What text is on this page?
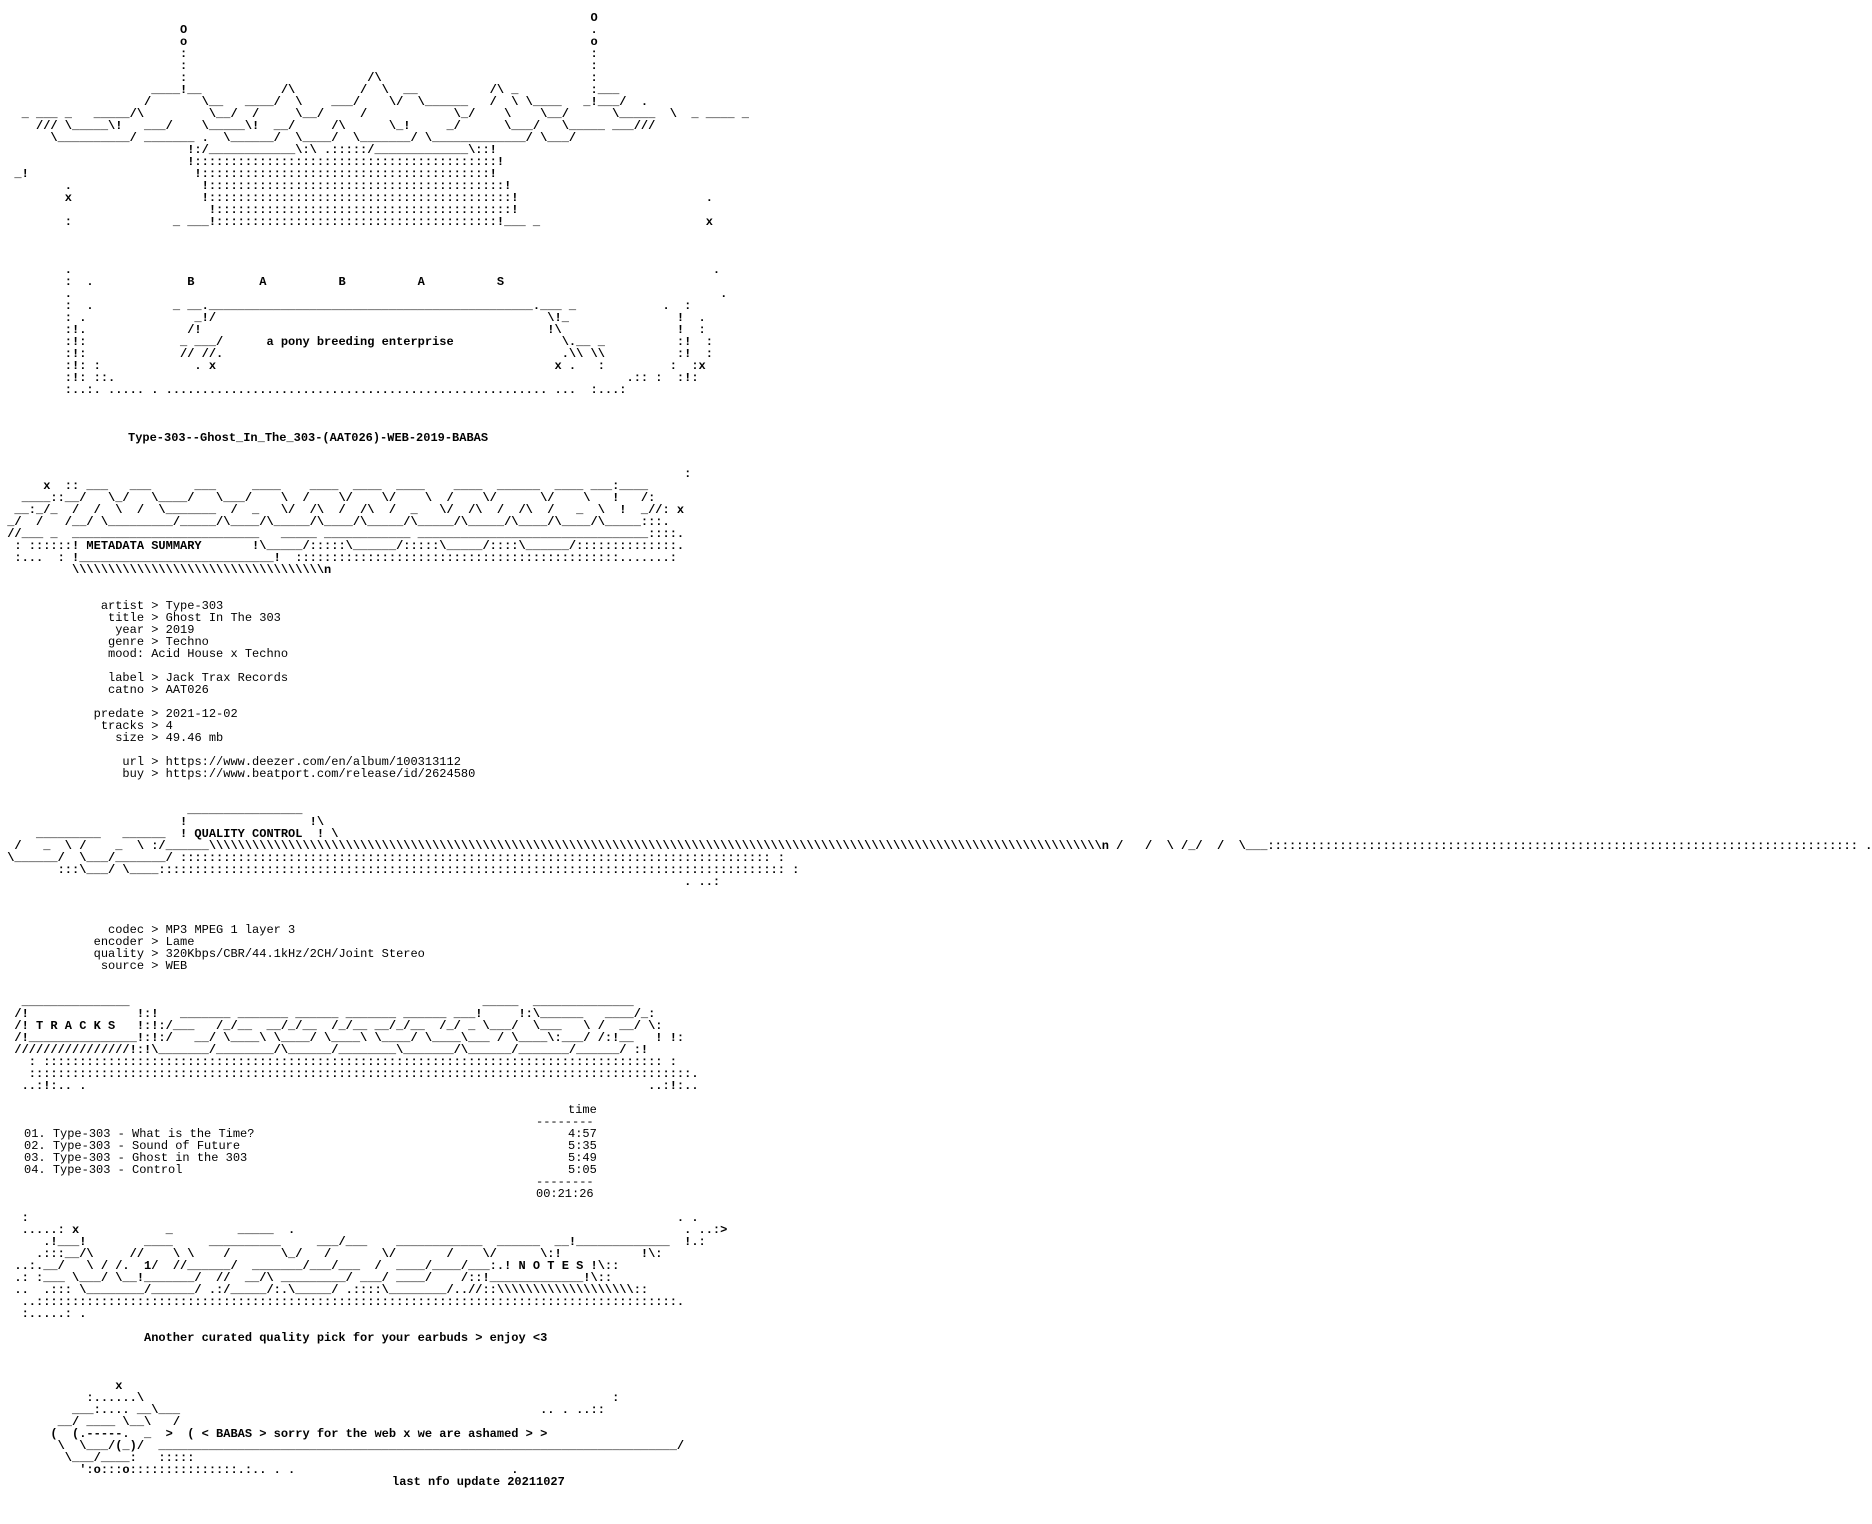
O
O                                                        .
o                                                        o
:                                                        :
:                                                        :
:                         /\                             :
____!__           /\         /  \  __          /\ _          :___
/       \__   ____/  \    ___/    \/  \______   /  \ \____   _!___/  .
_ ___ _   _____/\         \__/  /     \__/     /            \_/    \    \__/      \_____  \  _ ____ _
/// \_____\!   ___/    \_____\!  __/     /\      \_!     _/      \___/   \_____ ___///
\__________/ _______ .  \______/  \____/  \_______/ \_____________/ \___/
!:/____________\:\ .:::::/_____________\::!
!::::::::::::::::::::::::::::::::::::::::::!
_!                       !::::::::::::::::::::::::::::::::::::::::!
.                  !:::::::::::::::::::::::::::::::::::::::::!
x                  !::::::::::::::::::::::::::::::::::::::::::!                          .
!:::::::::::::::::::::::::::::::::::::::::!
:              _ ___!:::::::::::::::::::::::::::::::::::::::!___ _                       x

.                                                                                         .
:  .             B         A          B          A          S
.                                                                                          .
:  .           _ __._____________________________________________.___ _            .  :
: .               _!/                                              \!_               !  .
:!.              /!                                                !\                !  :
:!:             _ ___/      a pony breeding enterprise               \.__ _          :!  :
:!:             // //.                                               .\\ \\          :!  :
:!: :             . x                                               x .   :         :  :x
:!: ::.                                                                       .:: :  :!:
:..:. ..... . ..................................................... ...  :...:

Type-303--Ghost_In_The_303-(AAT026)-WEB-2019-BABAS
:
x  :: ___   ___      ___     ____    ____  ____  ____    ____  ______  ____ ___:____
____::__/   \_/   \____/   \___/    \  /    \/    \/    \  /    \/      \/    \   !   /:
__:_/_  /  /  \  /  \_______  /  _   \/  /\  /  /\  /  _   \/  /\  /  /\  /   _  \  !  _//: x
_/  /   /__/ \_________/_____/\____/\_____/\____/\_____/\_____/\_____/\____/\____/\_____:::.
//___ _  __________________________   _____ ____________ ________________________________::::.
: ::::::! METADATA SUMMARY       !\_____/:::::\______/:::::\_____/::::\______/::::::::::::::.
:...  : !___________________________!  :::::::::::::::::::::::::::::::::::::::::::::.......:
\\\\\\\\\\\\\\\\\\\\\\\\\\\\\\\\\\\n
artist > Type-303
title > Ghost In The 303
year > 2019
genre > Techno
mood: Acid House x Techno
label > Jack Trax Records
catno > AAT026
predate > 2021-12-02
tracks > 4
size > 49.46 mb
url > https://www.deezer.com/en/album/100313112
buy > https://www.beatport.com/release/id/2624580
________________
!                 !\
_________   ______  ! QUALITY CONTROL  ! \
/   _  \ /    _  \ :/______\\\\\\\\\\\\\\\\\\\\\\\\\\\\\\\\\\\\\\\\\\\\\\\\\\\\\\\\\\\\\\\\\\\\\\\\\\\\\\\\\\\\\\\\\\\\\\\\\\\\\\\\\\\\\\\\\\\\\\\\\\\\n /   /  \ /_/  /  \___:::::::::::::::::::::::::::::::::::::::::::::::::::::::::::::::::::::::::::::::::: .
\______/  \___/_______/ :::::::::::::::::::::::::::::::::::::::::::::::::::::::::::::::::::::::::::::::::: :
:::\___/ \____::::::::::::::::::::::::::::::::::::::::::::::::::::::::::::::::::::::::::::::::::::::: :
. ..:

codec > MP3 MPEG 1 layer 3
encoder > Lame
quality > 320Kbps/CBR/44.1kHz/2CH/Joint Stereo
source > WEB
_______________                                                 _____  ______________
/!               !:!   _______ _______ ______ _______ ______ ___!     !:\______   ____/_:
/! T R A C K S   !:!:/___   /_/__  __/_/__  /_/__ __/_/__  /_/ _ \___/  \___   \ /  __/ \:
/!_______________!:!:/   __/ \____\ \____/ \____\ \____/ \____\___ / \____\:___/ /:!__   ! !:
////////////////!:!\_______/________/\______/________\_______/\______/_______/______/ :!
: :::::::::::::::::::::::::::::::::::::::::::::::::::::::::::::::::::::::::::::::::::::: :
::::::::::::::::::::::::::::::::::::::::::::::::::::::::::::::::::::::::::::::::::::::::::::.
..:!:.. .                                                                              ..:!:..

time
--------
01. Type-303 - What is the Time?	4:57
02. Type-303 - Sound of Future	5:35
03. Type-303 - Ghost in the 303	5:49
04. Type-303 - Control	5:05
--------
00:21:26
:                                                                                          . .
.....: x            _         _____  .                                                      . ..:>
.!___!        ____     __________     ___/___    ____________  ______  __!_____________  !.:
.:::__/\     //    \ \    /       \_/   /       \/       /    \/      \:!           !\:
..:.__/   \ / /.  1/  //______/  _______/___/___  /  ____/____/___:.! N O T E S !\::
.: :___ \___/ \__!_______/  //  __/\ _________/ ___/ ____/    /::!_____________!\::
..  .::: \________/______/ .:/_____/:.\_____/ .::::\________/..//::\\\\\\\\\\\\\\\\\\\::
..:::::::::::::::::::::::::::::::::::::::::::::::::::::::::::::::::::::::::::::::::::::::::.
:.....: .

Another curated quality pick for your earbuds > enjoy <3
x
:......\                                                                 :
___:.... __\___                                                  .. . ..::
__/ ____ \__\   /
(  (.-----.  _  >  ( < BABAS > sorry for the web x we are ashamed > >
\  \___/(_)/  ________________________________________________________________________/
\___/____:   :::::
':o:::o:::::::::::::::.:.. . .                              .

last nfo update 20211027
